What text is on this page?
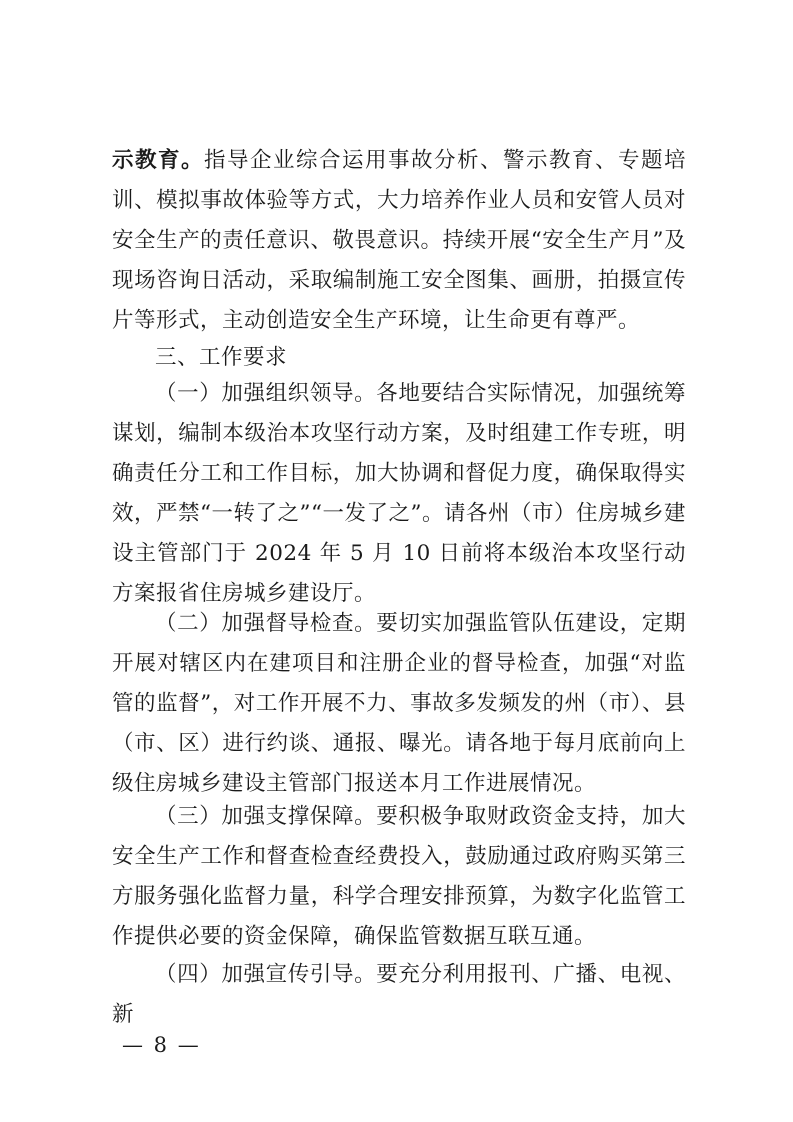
示教育。指导企业综合运用事故分析、警示教育、专题培训、模拟事故体验等方式，大力培养作业人员和安管人员对安全生产的责任意识、敬畏意识。持续开展“安全生产月”及现场咨询日活动，采取编制施工安全图集、画册，拍摄宣传片等形式，主动创造安全生产环境，让生命更有尊严。

三、工作要求

（一）加强组织领导。各地要结合实际情况，加强统筹谋划，编制本级治本攻坚行动方案，及时组建工作专班，明确责任分工和工作目标，加大协调和督促力度，确保取得实效，严禁“一转了之”“一发了之”。请各州（市）住房城乡建设主管部门于 2024 年 5 月 10 日前将本级治本攻坚行动方案报省住房城乡建设厅。

（二）加强督导检查。要切实加强监管队伍建设，定期开展对辖区内在建项目和注册企业的督导检查，加强“对监管的监督”，对工作开展不力、事故多发频发的州（市）、县（市、区）进行约谈、通报、曝光。请各地于每月底前向上级住房城乡建设主管部门报送本月工作进展情况。

（三）加强支撑保障。要积极争取财政资金支持，加大安全生产工作和督查检查经费投入，鼓励通过政府购买第三方服务强化监督力量，科学合理安排预算，为数字化监管工作提供必要的资金保障，确保监管数据互联互通。

（四）加强宣传引导。要充分利用报刊、广播、电视、新

— 8 —
